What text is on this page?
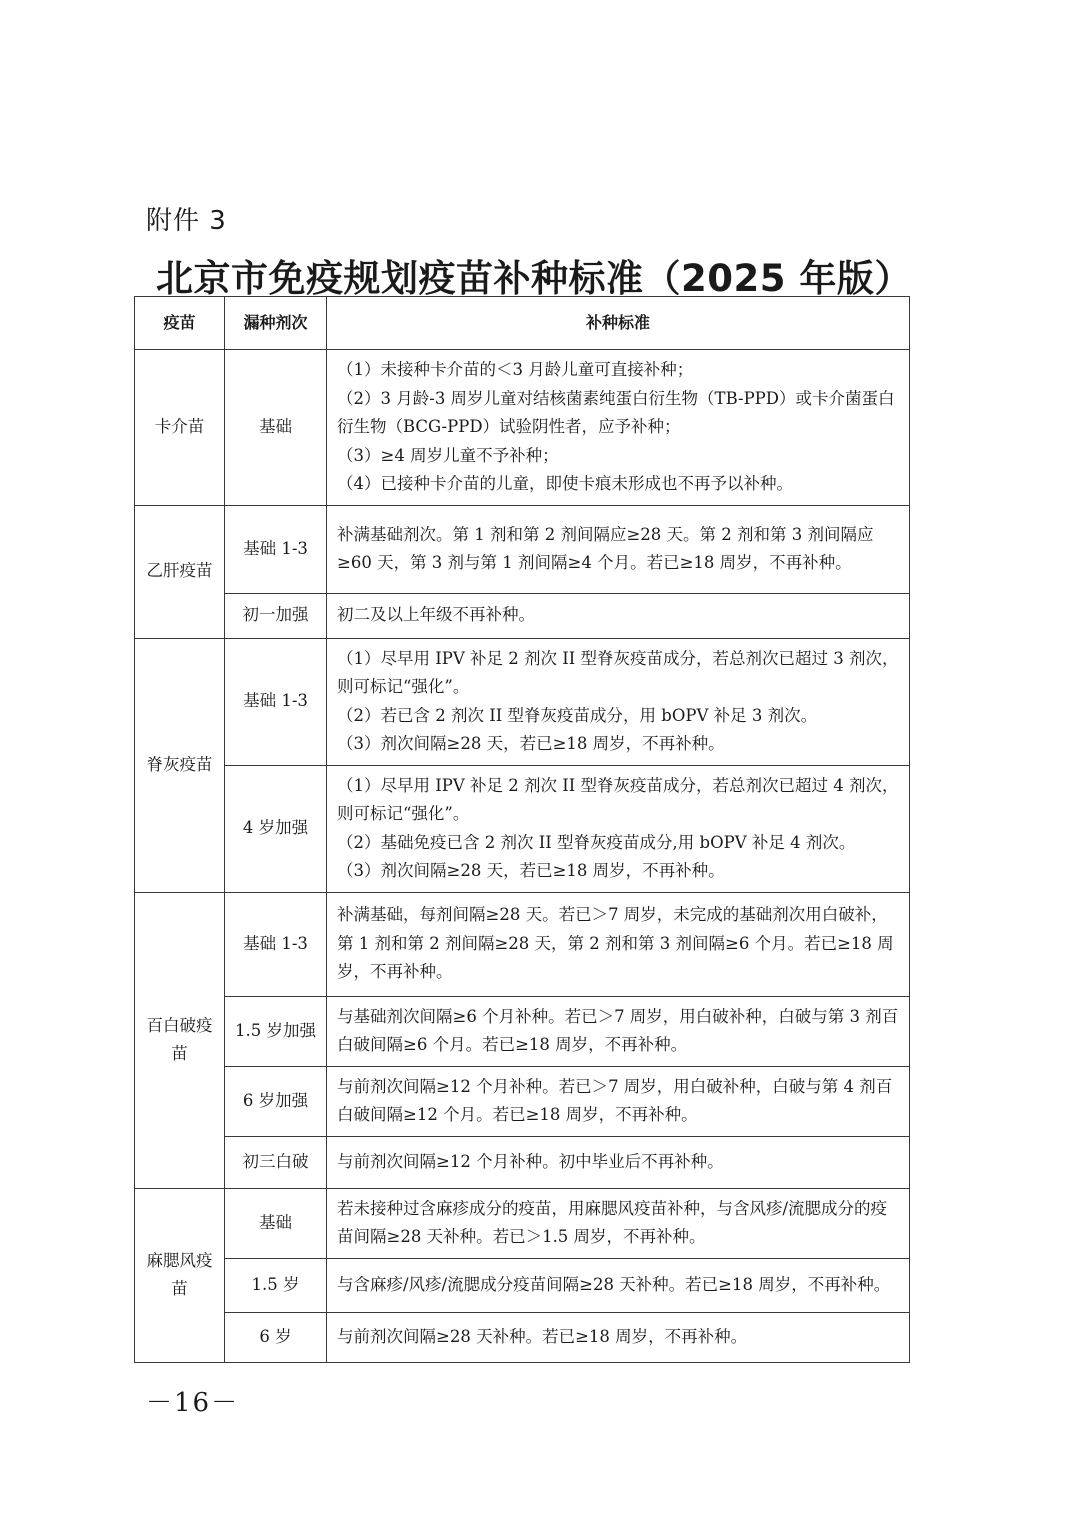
附件 3
北京市免疫规划疫苗补种标准（2025 年版）
疫苗	漏种剂次	补种标准
卡介苗	基础	（1）未接种卡介苗的＜3 月龄儿童可直接补种；
（2）3 月龄-3 周岁儿童对结核菌素纯蛋白衍生物（TB-PPD）或卡介菌蛋白衍生物（BCG-PPD）试验阴性者，应予补种；
（3）≥4 周岁儿童不予补种；
（4）已接种卡介苗的儿童，即使卡痕未形成也不再予以补种。

乙肝疫苗	基础 1-3	补满基础剂次。第 1 剂和第 2 剂间隔应≥28 天。第 2 剂和第 3 剂间隔应≥60 天，第 3 剂与第 1 剂间隔≥4 个月。若已≥18 周岁，不再补种。

	初一加强	初二及以上年级不再补种。

脊灰疫苗	基础 1-3	（1）尽早用 IPV 补足 2 剂次 II 型脊灰疫苗成分，若总剂次已超过 3 剂次，则可标记“强化”。
（2）若已含 2 剂次 II 型脊灰疫苗成分，用 bOPV 补足 3 剂次。
（3）剂次间隔≥28 天，若已≥18 周岁，不再补种。

	4 岁加强	（1）尽早用 IPV 补足 2 剂次 II 型脊灰疫苗成分，若总剂次已超过 4 剂次，则可标记“强化”。
（2）基础免疫已含 2 剂次 II 型脊灰疫苗成分,用 bOPV 补足 4 剂次。
（3）剂次间隔≥28 天，若已≥18 周岁，不再补种。

百白破疫苗	基础 1-3	补满基础，每剂间隔≥28 天。若已＞7 周岁，未完成的基础剂次用白破补，第 1 剂和第 2 剂间隔≥28 天，第 2 剂和第 3 剂间隔≥6 个月。若已≥18 周岁，不再补种。

	1.5 岁加强	与基础剂次间隔≥6 个月补种。若已＞7 周岁，用白破补种，白破与第 3 剂百白破间隔≥6 个月。若已≥18 周岁，不再补种。

	6 岁加强	与前剂次间隔≥12 个月补种。若已＞7 周岁，用白破补种，白破与第 4 剂百白破间隔≥12 个月。若已≥18 周岁，不再补种。

	初三白破	与前剂次间隔≥12 个月补种。初中毕业后不再补种。

麻腮风疫苗	基础	若未接种过含麻疹成分的疫苗，用麻腮风疫苗补种，与含风疹/流腮成分的疫苗间隔≥28 天补种。若已＞1.5 周岁，不再补种。

	1.5 岁	与含麻疹/风疹/流腮成分疫苗间隔≥28 天补种。若已≥18 周岁，不再补种。

	6 岁	与前剂次间隔≥28 天补种。若已≥18 周岁，不再补种。

－16－
